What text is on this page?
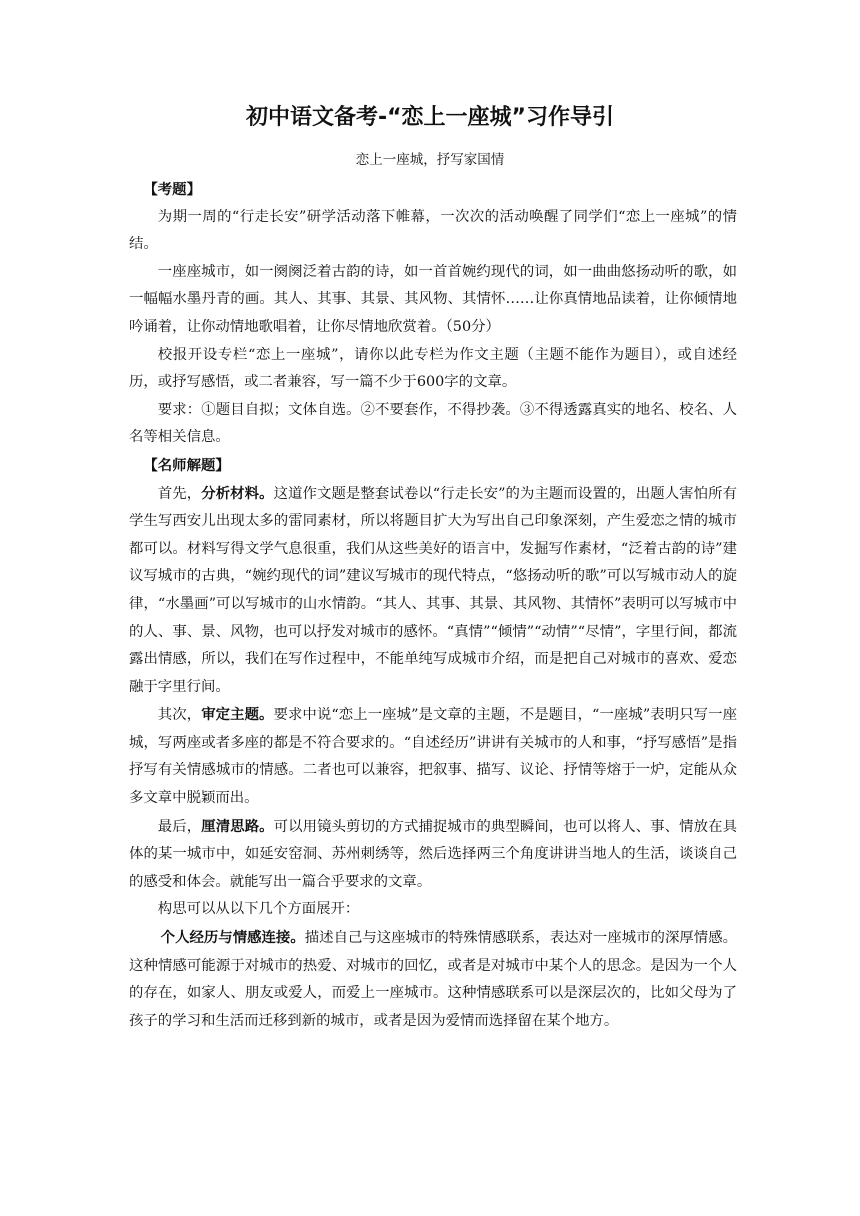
初中语文备考-“恋上一座城”习作导引
恋上一座城，抒写家国情

【考题】

为期一周的“行走长安”研学活动落下帷幕，一次次的活动唤醒了同学们“恋上一座城”的情结。

一座座城市，如一阕阕泛着古韵的诗，如一首首婉约现代的词，如一曲曲悠扬动听的歌，如一幅幅水墨丹青的画。其人、其事、其景、其风物、其情怀……让你真情地品读着，让你倾情地吟诵着，让你动情地歌唱着，让你尽情地欣赏着。（50分）

校报开设专栏“恋上一座城”，请你以此专栏为作文主题（主题不能作为题目），或自述经历，或抒写感悟，或二者兼容，写一篇不少于600字的文章。

要求：①题目自拟；文体自选。②不要套作，不得抄袭。③不得透露真实的地名、校名、人名等相关信息。

【名师解题】

首先，分析材料。这道作文题是整套试卷以“行走长安”的为主题而设置的，出题人害怕所有学生写西安儿出现太多的雷同素材，所以将题目扩大为写出自己印象深刻，产生爱恋之情的城市都可以。材料写得文学气息很重，我们从这些美好的语言中，发掘写作素材，“泛着古韵的诗”建议写城市的古典，“婉约现代的词”建议写城市的现代特点，“悠扬动听的歌”可以写城市动人的旋律，“水墨画”可以写城市的山水情韵。“其人、其事、其景、其风物、其情怀”表明可以写城市中的人、事、景、风物，也可以抒发对城市的感怀。“真情”“倾情”“动情”“尽情”，字里行间，都流露出情感，所以，我们在写作过程中，不能单纯写成城市介绍，而是把自己对城市的喜欢、爱恋融于字里行间。

其次，审定主题。要求中说“恋上一座城”是文章的主题，不是题目，“一座城”表明只写一座城，写两座或者多座的都是不符合要求的。“自述经历”讲讲有关城市的人和事，“抒写感悟”是指抒写有关情感城市的情感。二者也可以兼容，把叙事、描写、议论、抒情等熔于一炉，定能从众多文章中脱颖而出。

最后，厘清思路。可以用镜头剪切的方式捕捉城市的典型瞬间，也可以将人、事、情放在具体的某一城市中，如延安窑洞、苏州刺绣等，然后选择两三个角度讲讲当地人的生活，谈谈自己的感受和体会。就能写出一篇合乎要求的文章。

构思可以从以下几个方面展开：

个人经历与情感连接。描述自己与这座城市的特殊情感联系，表达对一座城市的深厚情感。这种情感可能源于对城市的热爱、对城市的回忆，或者是对城市中某个人的思念。是因为一个人的存在，如家人、朋友或爱人，而爱上一座城市。这种情感联系可以是深层次的，比如父母为了孩子的学习和生活而迁移到新的城市，或者是因为爱情而选择留在某个地方。
